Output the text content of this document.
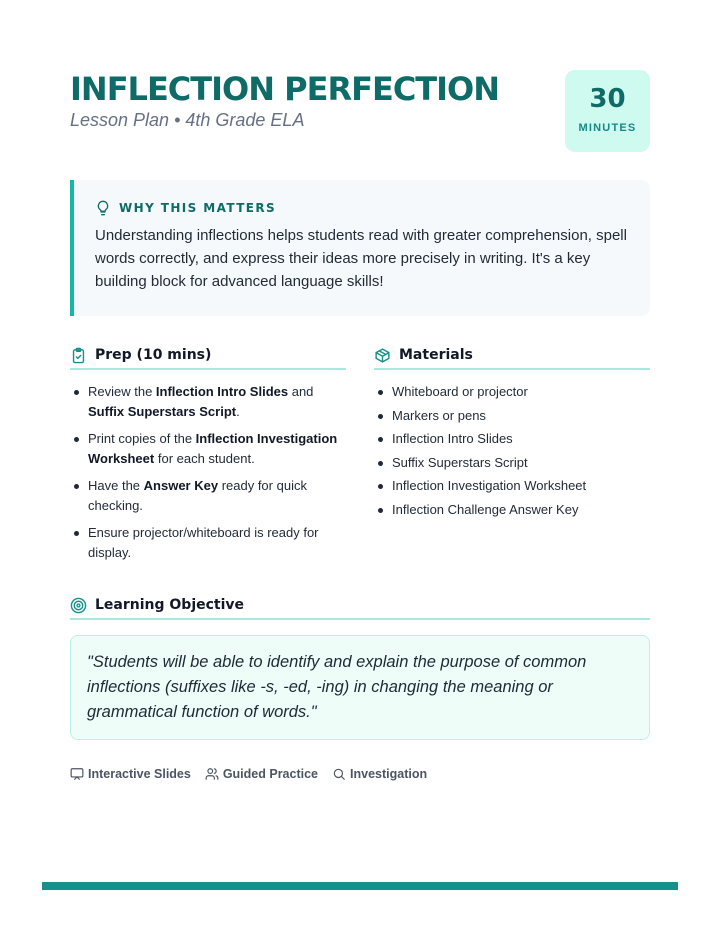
INFLECTION PERFECTION
Lesson Plan • 4th Grade ELA
30
MINUTES
WHY THIS MATTERS

Understanding inflections helps students read with greater comprehension, spell words correctly, and express their ideas more precisely in writing. It's a key building block for advanced language skills!

Prep (10 mins)
Review the Inflection Intro Slides and Suffix Superstars Script.
Print copies of the Inflection Investigation Worksheet for each student.
Have the Answer Key ready for quick checking.
Ensure projector/whiteboard is ready for display.
Materials
Whiteboard or projector
Markers or pens
Inflection Intro Slides
Suffix Superstars Script
Inflection Investigation Worksheet
Inflection Challenge Answer Key
Learning Objective

"Students will be able to identify and explain the purpose of common inflections (suffixes like -s, -ed, -ing) in changing the meaning or grammatical function of words."

Interactive Slides	Guided Practice	Investigation
